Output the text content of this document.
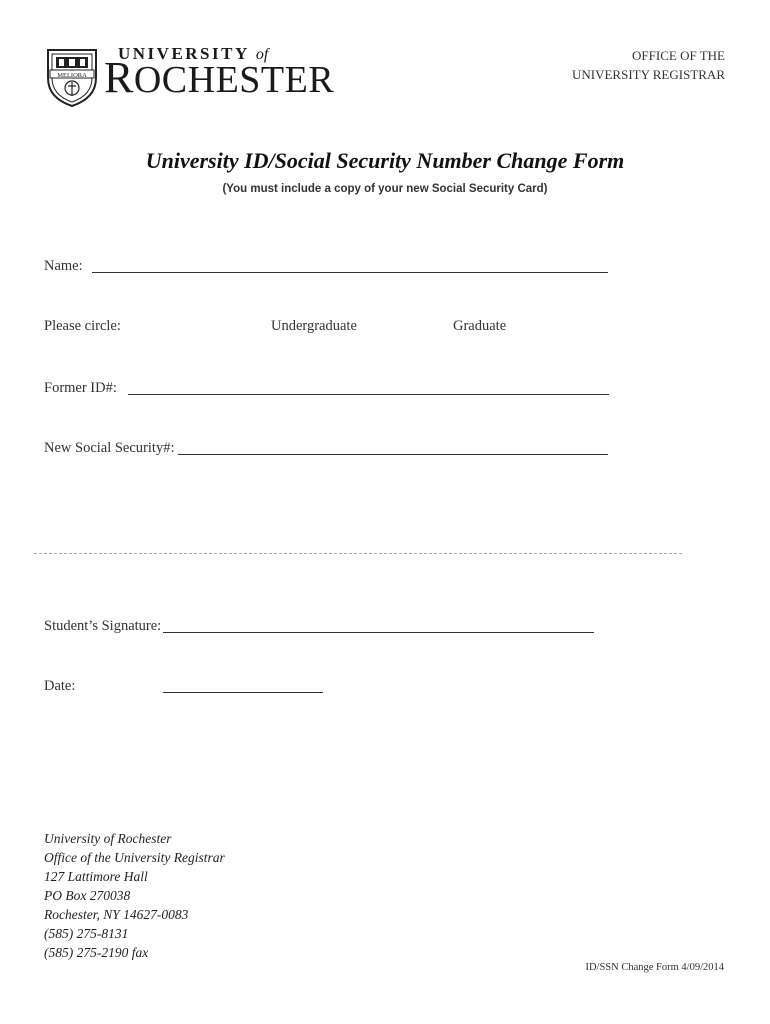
MELIORA
UNIVERSITY of
ROCHESTER
OFFICE OF THE
UNIVERSITY REGISTRAR
University ID/Social Security Number Change Form
(You must include a copy of your new Social Security Card)
Name:
Please circle:	Undergraduate	Graduate
Former ID#:
New Social Security#:
Student’s Signature:
Date:
University of Rochester
Office of the University Registrar
127 Lattimore Hall
PO Box 270038
Rochester, NY 14627-0083
(585) 275-8131
(585) 275-2190 fax
ID/SSN Change Form 4/09/2014
